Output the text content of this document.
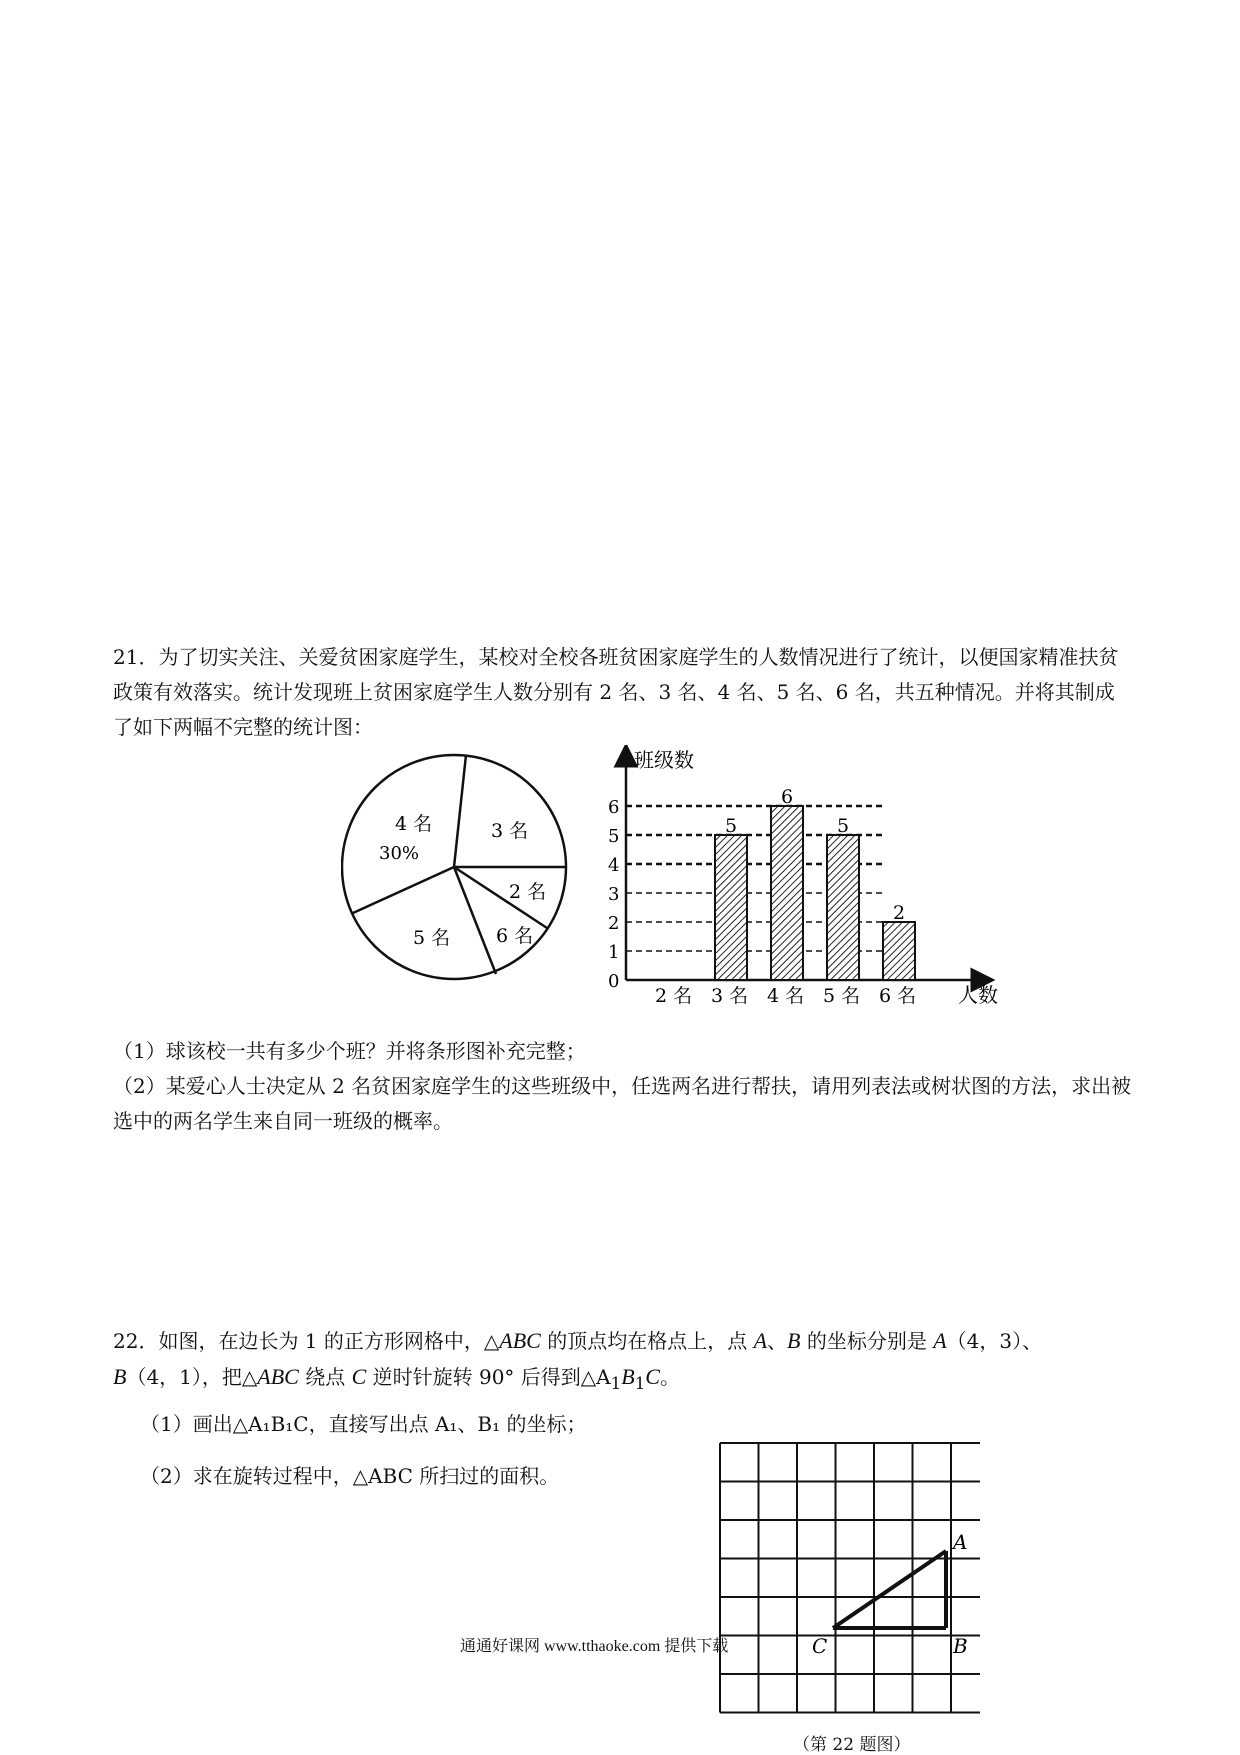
21．为了切实关注、关爱贫困家庭学生，某校对全校各班贫困家庭学生的人数情况进行了统计，以便国家精准扶贫政策有效落实。统计发现班上贫困家庭学生人数分别有 2 名、3 名、4 名、5 名、6 名，共五种情况。并将其制成了如下两幅不完整的统计图：

4 名
30%
3 名
2 名
6 名
5 名
班级数
人数
0
1
2
3
4
5
6
2 名 3 名
5
4 名
6
5 名
5
6 名
2

（1）球该校一共有多少个班？并将条形图补充完整；

（2）某爱心人士决定从 2 名贫困家庭学生的这些班级中，任选两名进行帮扶，请用列表法或树状图的方法，求出被选中的两名学生来自同一班级的概率。

22．如图，在边长为 1 的正方形网格中，△ABC 的顶点均在格点上，点 A、B 的坐标分别是 A（4，3）、
B（4，1），把△ABC 绕点 C 逆时针旋转 90° 后得到$\triangle A_1B_1C$。

（1）画出△A₁B₁C，直接写出点 A₁、B₁ 的坐标；

（2）求在旋转过程中，△ABC 所扫过的面积。

A
B
C
通通好课网 www.tthaoke.com 提供下载
（第 22 题图）
